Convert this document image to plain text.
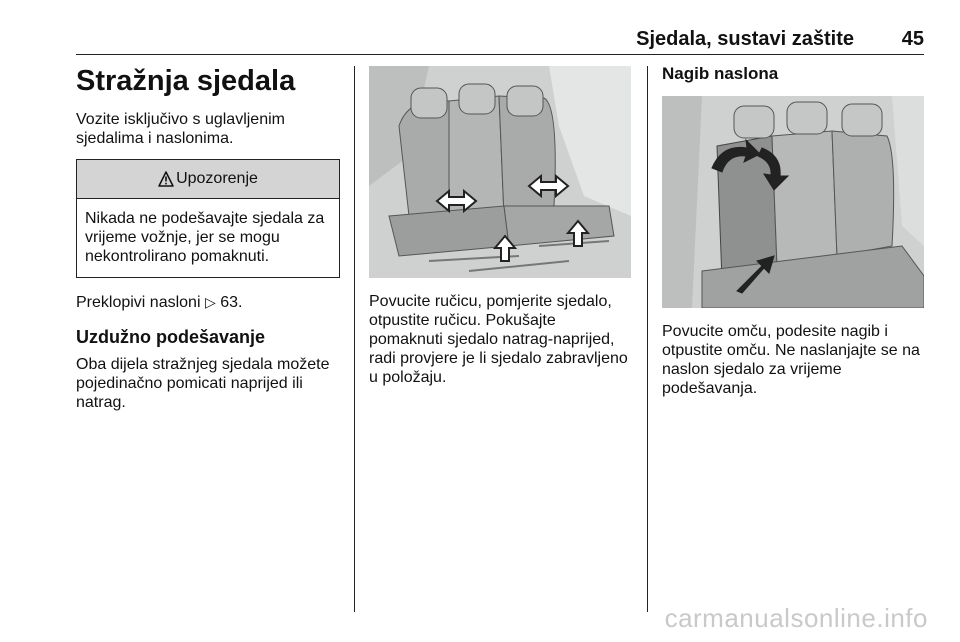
Sjedala, sustavi zaštite 45
Stražnja sjedala

Vozite isključivo s uglavljenim sjedalima i naslonima.

Upozorenje
Nikada ne podešavajte sjedala za vrijeme vožnje, jer se mogu nekontrolirano pomaknuti.

Preklopivi nasloni ▷ 63.

Uzdužno podešavanje

Oba dijela stražnjeg sjedala možete pojedinačno pomicati naprijed ili natrag.

Povucite ručicu, pomjerite sjedalo, otpustite ručicu. Pokušajte pomaknuti sjedalo natrag-naprijed, radi provjere je li sjedalo zabravljeno u položaju.

Nagib naslona

Povucite omču, podesite nagib i otpustite omču. Ne naslanjajte se na naslon sjedalo za vrijeme podešavanja.

carmanualsonline.info
